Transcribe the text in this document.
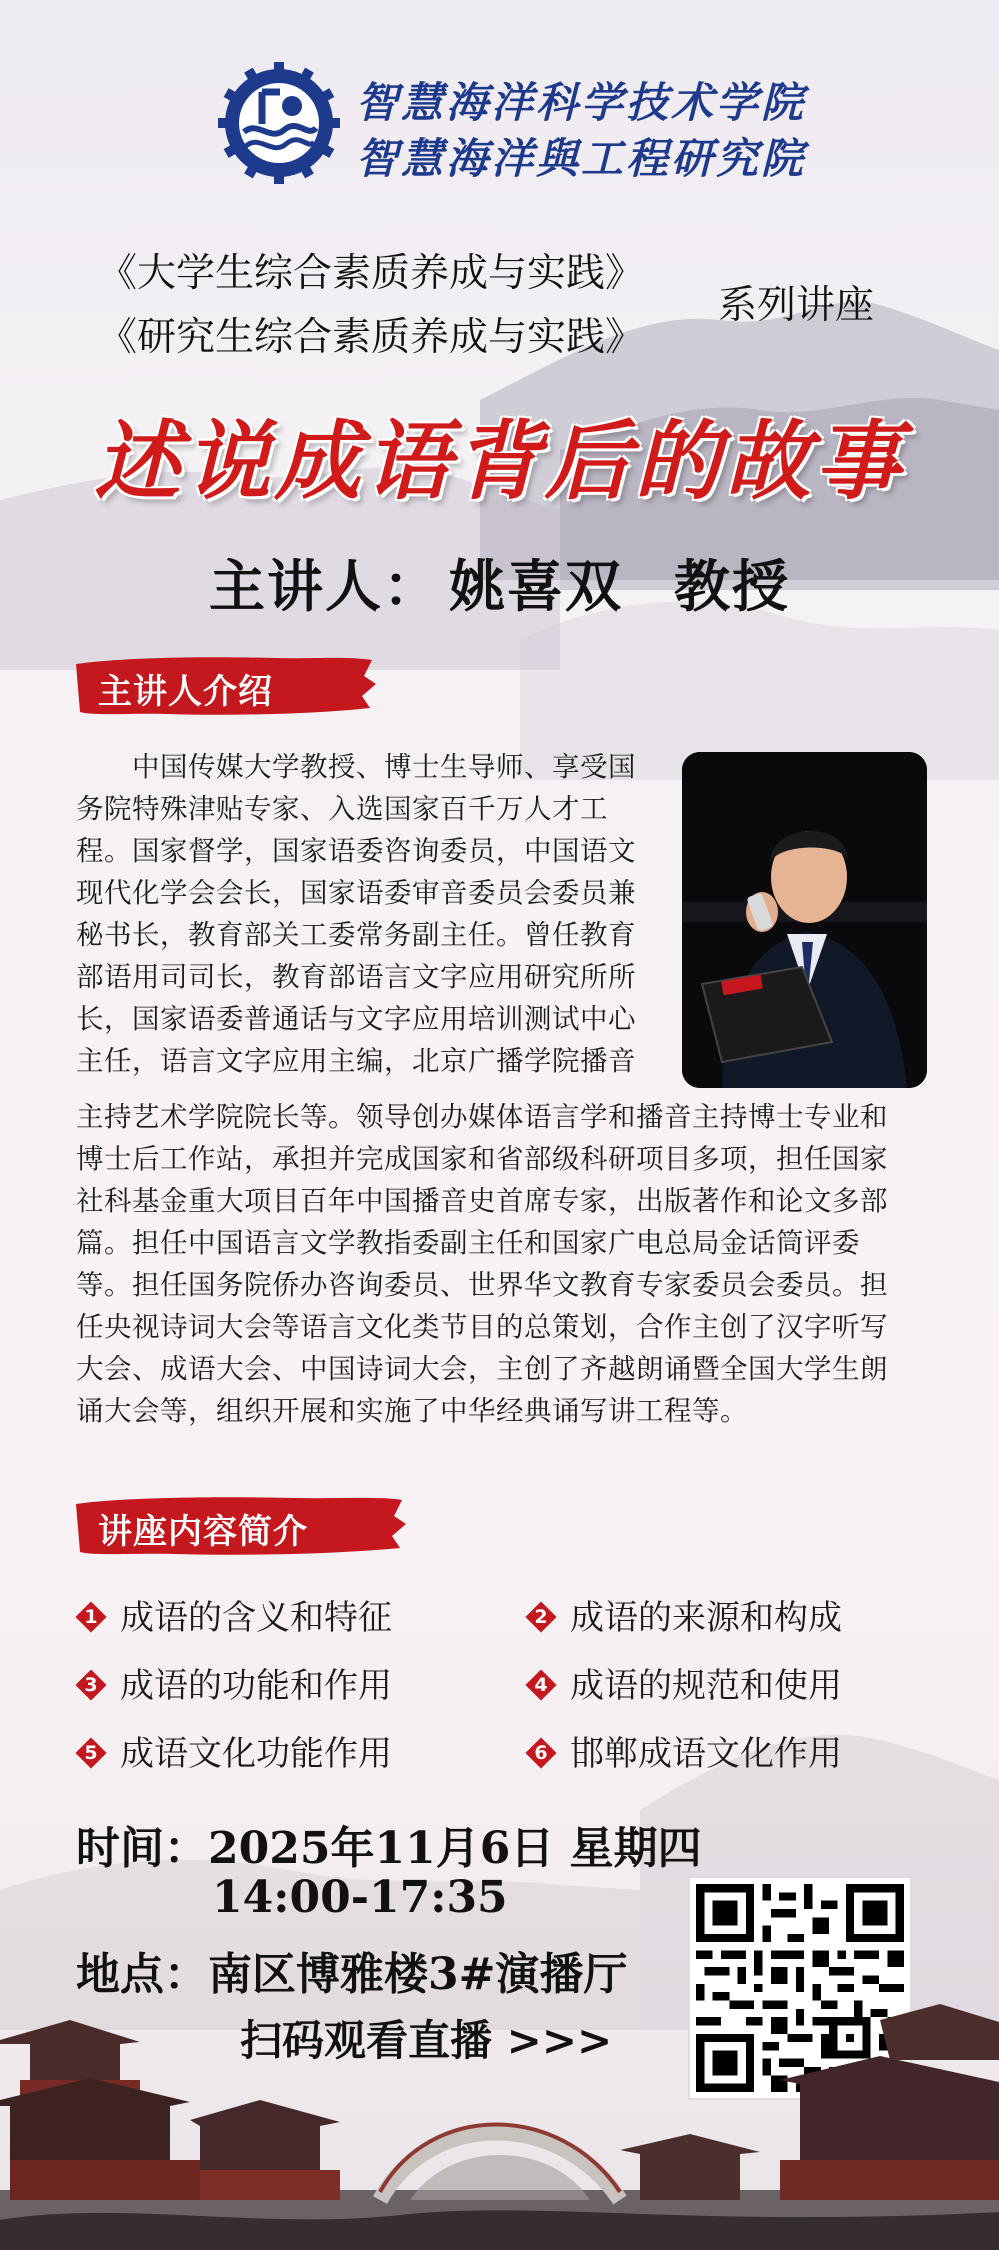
智慧海洋科学技术学院
智慧海洋與工程研究院
《大学生综合素质养成与实践》
《研究生综合素质养成与实践》
系列讲座
述说成语背后的故事
主讲人： 姚喜双 教授
主讲人介绍
　　中国传媒大学教授、博士生导师、享受国
务院特殊津贴专家、入选国家百千万人才工
程。国家督学，国家语委咨询委员，中国语文
现代化学会会长，国家语委审音委员会委员兼
秘书长，教育部关工委常务副主任。曾任教育
部语用司司长，教育部语言文字应用研究所所
长，国家语委普通话与文字应用培训测试中心
主任，语言文字应用主编，北京广播学院播音
主持艺术学院院长等。领导创办媒体语言学和播音主持博士专业和
博士后工作站，承担并完成国家和省部级科研项目多项，担任国家
社科基金重大项目百年中国播音史首席专家，出版著作和论文多部
篇。担任中国语言文学教指委副主任和国家广电总局金话筒评委
等。担任国务院侨办咨询委员、世界华文教育专家委员会委员。担
任央视诗词大会等语言文化类节目的总策划，合作主创了汉字听写
大会、成语大会、中国诗词大会，主创了齐越朗诵暨全国大学生朗
诵大会等，组织开展和实施了中华经典诵写讲工程等。
讲座内容简介
1 成语的含义和特征	2 成语的来源和构成
3 成语的功能和作用	4 成语的规范和使用
5 成语文化功能作用	6 邯郸成语文化作用
时间：2025年11月6日 星期四
14:00-17:35
地点：南区博雅楼3#演播厅
扫码观看直播 >>>
